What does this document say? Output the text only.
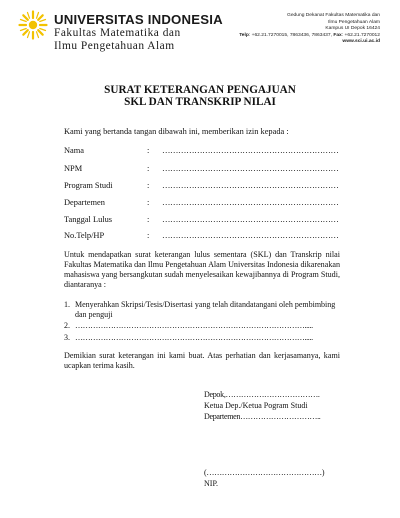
UNIVERSITAS INDONESIA
Fakultas Matematika dan
Ilmu Pengetahuan Alam
Gedung Dekanat Fakultas Matematika dan
Ilmu Pengetahuan Alam
Kampus UI Depok 16424
Telp: +62.21.7270015, 7863436, 7863437, Fax: +62.21.7270012
www.sci.ui.ac.id
SURAT KETERANGAN PENGAJUAN
SKL DAN TRANSKRIP NILAI
Kami yang bertanda tangan dibawah ini, memberikan izin kepada :
Nama	: …………………………………………………………
NPM	: …………………………………………………………
Program Studi	: …………………………………………………………
Departemen	: …………………………………………………………
Tanggal Lulus	: …………………………………………………………
No.Telp/HP	: …………………………………………………………
Untuk mendapatkan surat keterangan lulus sementara (SKL) dan Transkrip nilai Fakultas Matematika dan Ilmu Pengetahuan Alam Universitas Indonesia dikarenakan mahasiswa yang bersangkutan sudah menyelesaikan kewajibannya di Program Studi, diantaranya :
1. Menyerahkan Skripsi/Tesis/Disertasi yang telah ditandatangani oleh pembimbing dan penguji
2. ……………………………………………………………………………….....
3. ……………………………………………………………………………….....
Demikian surat keterangan ini kami buat. Atas perhatian dan kerjasamanya, kami ucapkan terima kasih.
Depok,……………………………….
Ketua Dep./Ketua Pogram Studi
Departemen…………………………..
(………………………………………)
NIP.
